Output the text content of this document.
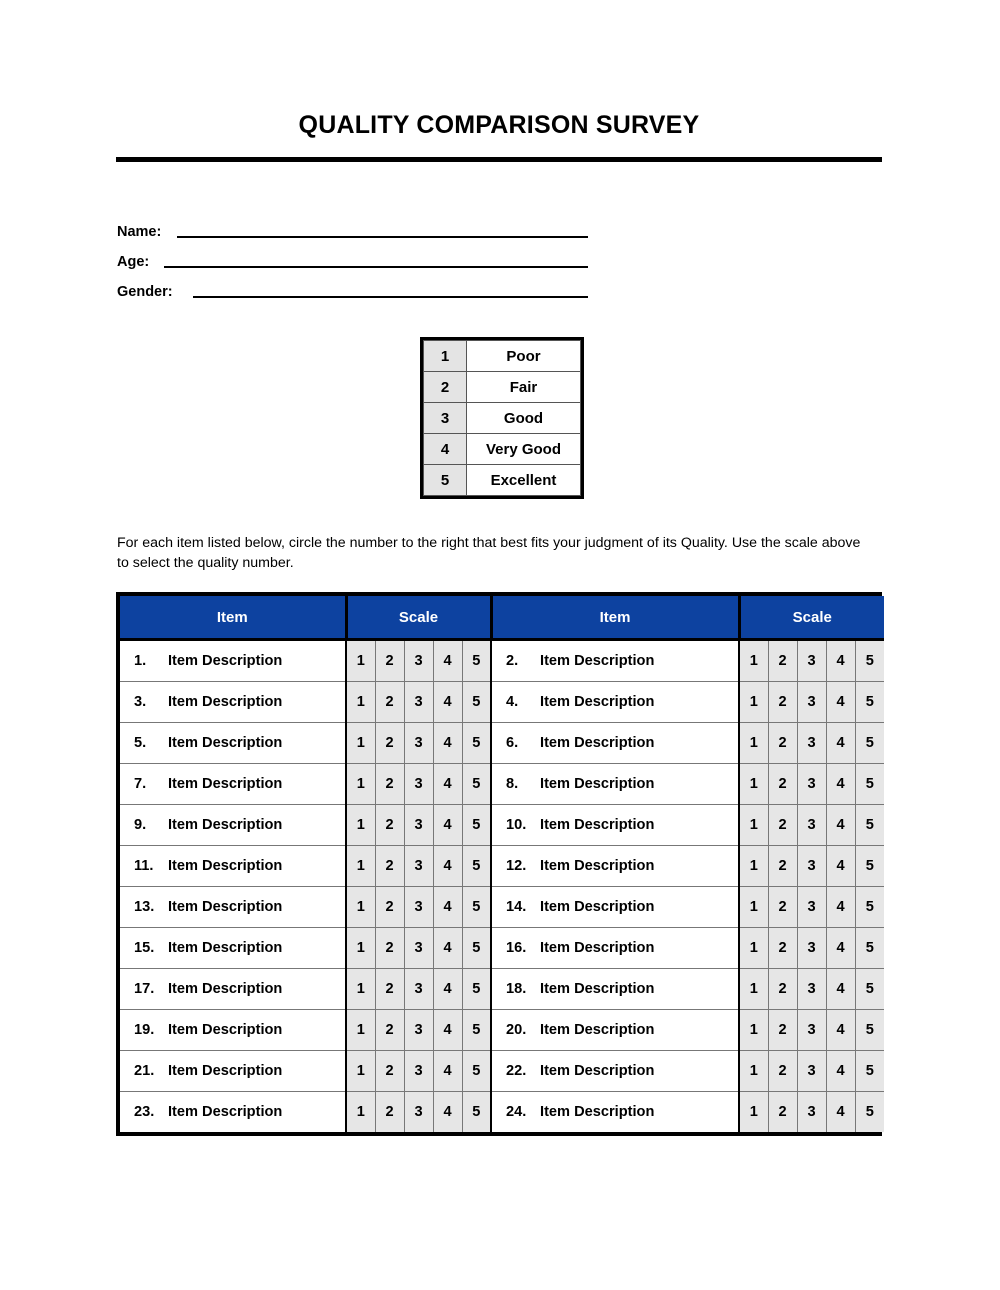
QUALITY COMPARISON SURVEY
Name:
Age:
Gender:
1	Poor
2	Fair
3	Good
4	Very Good
5	Excellent
For each item listed below, circle the number to the right that best fits your judgment of its Quality. Use the scale above to select the quality number.
Item	Scale					Item	Scale				
1. Item Description	1	2	3	4	5	2. Item Description	1	2	3	4	5
3. Item Description	1	2	3	4	5	4. Item Description	1	2	3	4	5
5. Item Description	1	2	3	4	5	6. Item Description	1	2	3	4	5
7. Item Description	1	2	3	4	5	8. Item Description	1	2	3	4	5
9. Item Description	1	2	3	4	5	10. Item Description	1	2	3	4	5
11. Item Description	1	2	3	4	5	12. Item Description	1	2	3	4	5
13. Item Description	1	2	3	4	5	14. Item Description	1	2	3	4	5
15. Item Description	1	2	3	4	5	16. Item Description	1	2	3	4	5
17. Item Description	1	2	3	4	5	18. Item Description	1	2	3	4	5
19. Item Description	1	2	3	4	5	20. Item Description	1	2	3	4	5
21. Item Description	1	2	3	4	5	22. Item Description	1	2	3	4	5
23. Item Description	1	2	3	4	5	24. Item Description	1	2	3	4	5
